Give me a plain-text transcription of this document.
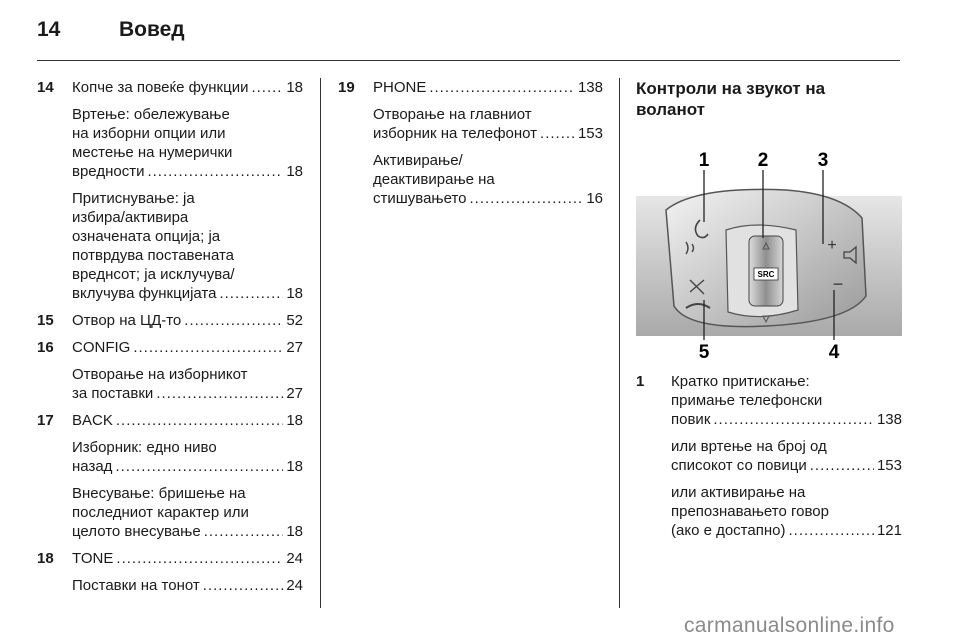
14	Вовед
14 Копче за повеќе функции .....	18
Вртење: обележување
на изборни опции или
местење на нумерички
вредности .....	18
Притиснување: ја
избира/активира
означената опција; ја
потврдува поставената
вреднсот; ја исклучува/
вклучува функцијата .....	18
15 Отвор на ЦД-то .....	52
16 CONFIG .....	27
Отворање на изборникот
за поставки .....	27
17 BACK .....	18
Изборник: едно ниво
назад .....	18
Внесување: бришење на
последниот карактер или
целото внесување .....	18
18 TONE .....	24
Поставки на тонот .....	24
19 PHONE .....	138
Отворање на главниот
изборник на телефонот .....	153
Активирање/
деактивирање на
стишувањето .....	16
Контроли на звукот на
воланот
SRC
+
−
1	2	3
4
5
1 Кратко притискање:
примање телефонски
повик .....	138
или вртење на број од
списокот со повици .....	153
или активирање на
препознавањето говор
(ако е достапно) .....	121
carmanualsonline.info
